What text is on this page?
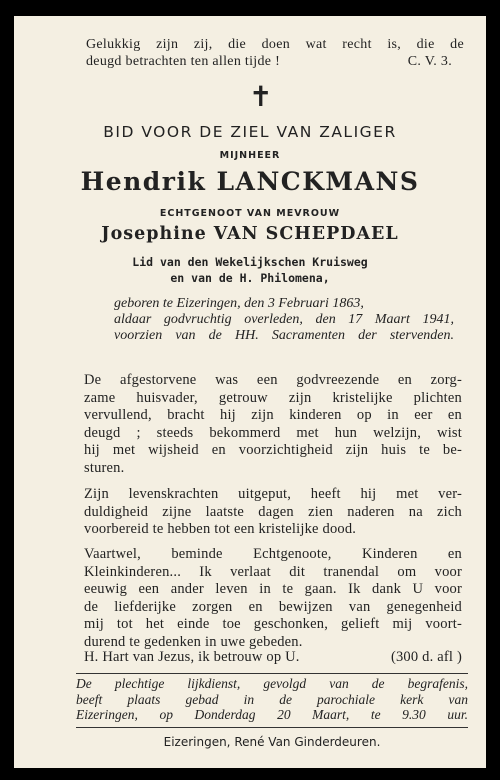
Gelukkig zijn zij, die doen wat recht is, die de
deugd betrachten ten allen tijde !	C. V. 3.
✝
BID VOOR DE ZIEL VAN ZALIGER
MIJNHEER
Hendrik LANCKMANS
ECHTGENOOT VAN MEVROUW
Josephine VAN SCHEPDAEL
Lid van den Wekelijkschen Kruisweg
en van de H. Philomena,
geboren te Eizeringen, den 3 Februari 1863,
aldaar godvruchtig overleden, den 17 Maart 1941,
voorzien van de HH. Sacramenten der stervenden.
De afgestorvene was een godvreezende en zorg-
zame huisvader, getrouw zijn kristelijke plichten
vervullend, bracht hij zijn kinderen op in eer en
deugd ; steeds bekommerd met hun welzijn, wist
hij met wijsheid en voorzichtigheid zijn huis te be-
sturen.
Zijn levenskrachten uitgeput, heeft hij met ver-
duldigheid zijne laatste dagen zien naderen na zich
voorbereid te hebben tot een kristelijke dood.
Vaartwel, beminde Echtgenoote, Kinderen en
Kleinkinderen... Ik verlaat dit tranendal om voor
eeuwig een ander leven in te gaan. Ik dank U voor
de liefderijke zorgen en bewijzen van genegenheid
mij tot het einde toe geschonken, gelieft mij voort-
durend te gedenken in uwe gebeden.
H. Hart van Jezus, ik betrouw op U.	(300 d. afl )
De plechtige lijkdienst, gevolgd van de begrafenis,
beeft plaats gebad in de parochiale kerk van
Eizeringen, op Donderdag 20 Maart, te 9.30 uur.
Eizeringen, René Van Ginderdeuren.
